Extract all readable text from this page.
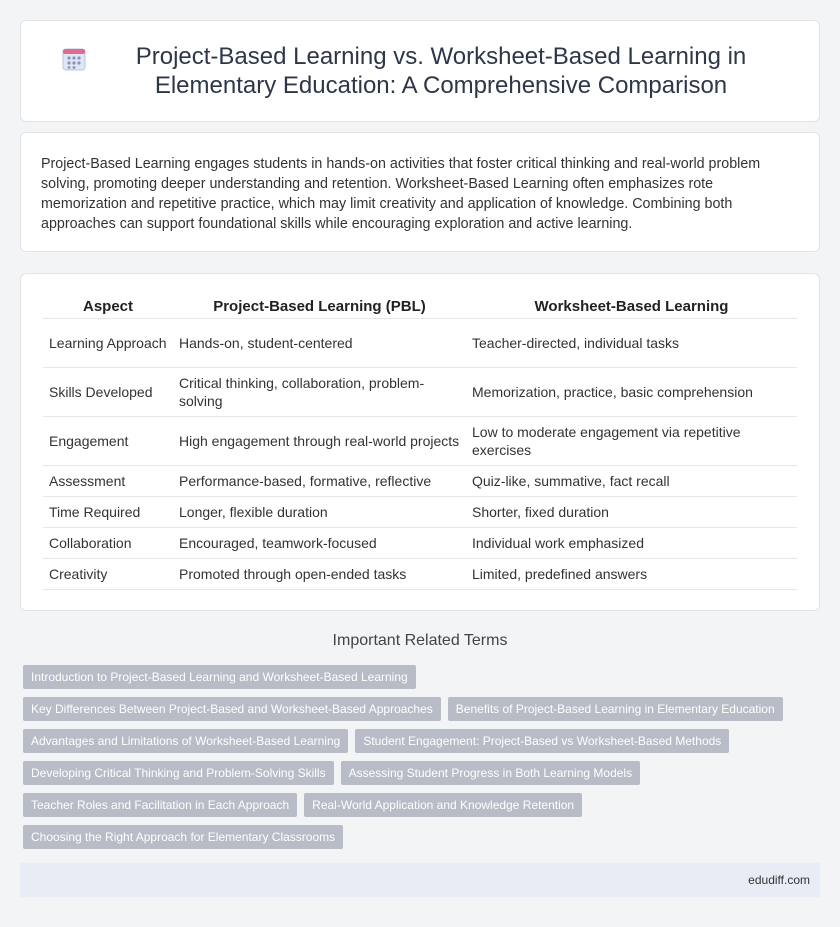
Project-Based Learning vs. Worksheet-Based Learning in Elementary Education: A Comprehensive Comparison

Project-Based Learning engages students in hands-on activities that foster critical thinking and real-world problem solving, promoting deeper understanding and retention. Worksheet-Based Learning often emphasizes rote memorization and repetitive practice, which may limit creativity and application of knowledge. Combining both approaches can support foundational skills while encouraging exploration and active learning.

Aspect	Project-Based Learning (PBL)	Worksheet-Based Learning
Learning Approach	Hands-on, student-centered	Teacher-directed, individual tasks
Skills Developed	Critical thinking, collaboration, problem-solving	Memorization, practice, basic comprehension
Engagement	High engagement through real-world projects	Low to moderate engagement via repetitive exercises
Assessment	Performance-based, formative, reflective	Quiz-like, summative, fact recall
Time Required	Longer, flexible duration	Shorter, fixed duration
Collaboration	Encouraged, teamwork-focused	Individual work emphasized
Creativity	Promoted through open-ended tasks	Limited, predefined answers
Important Related Terms
Introduction to Project-Based Learning and Worksheet-Based Learning
Key Differences Between Project-Based and Worksheet-Based Approaches	Benefits of Project-Based Learning in Elementary Education
Advantages and Limitations of Worksheet-Based Learning	Student Engagement: Project-Based vs Worksheet-Based Methods
Developing Critical Thinking and Problem-Solving Skills	Assessing Student Progress in Both Learning Models
Teacher Roles and Facilitation in Each Approach	Real-World Application and Knowledge Retention
Choosing the Right Approach for Elementary Classrooms
edudiff.com
